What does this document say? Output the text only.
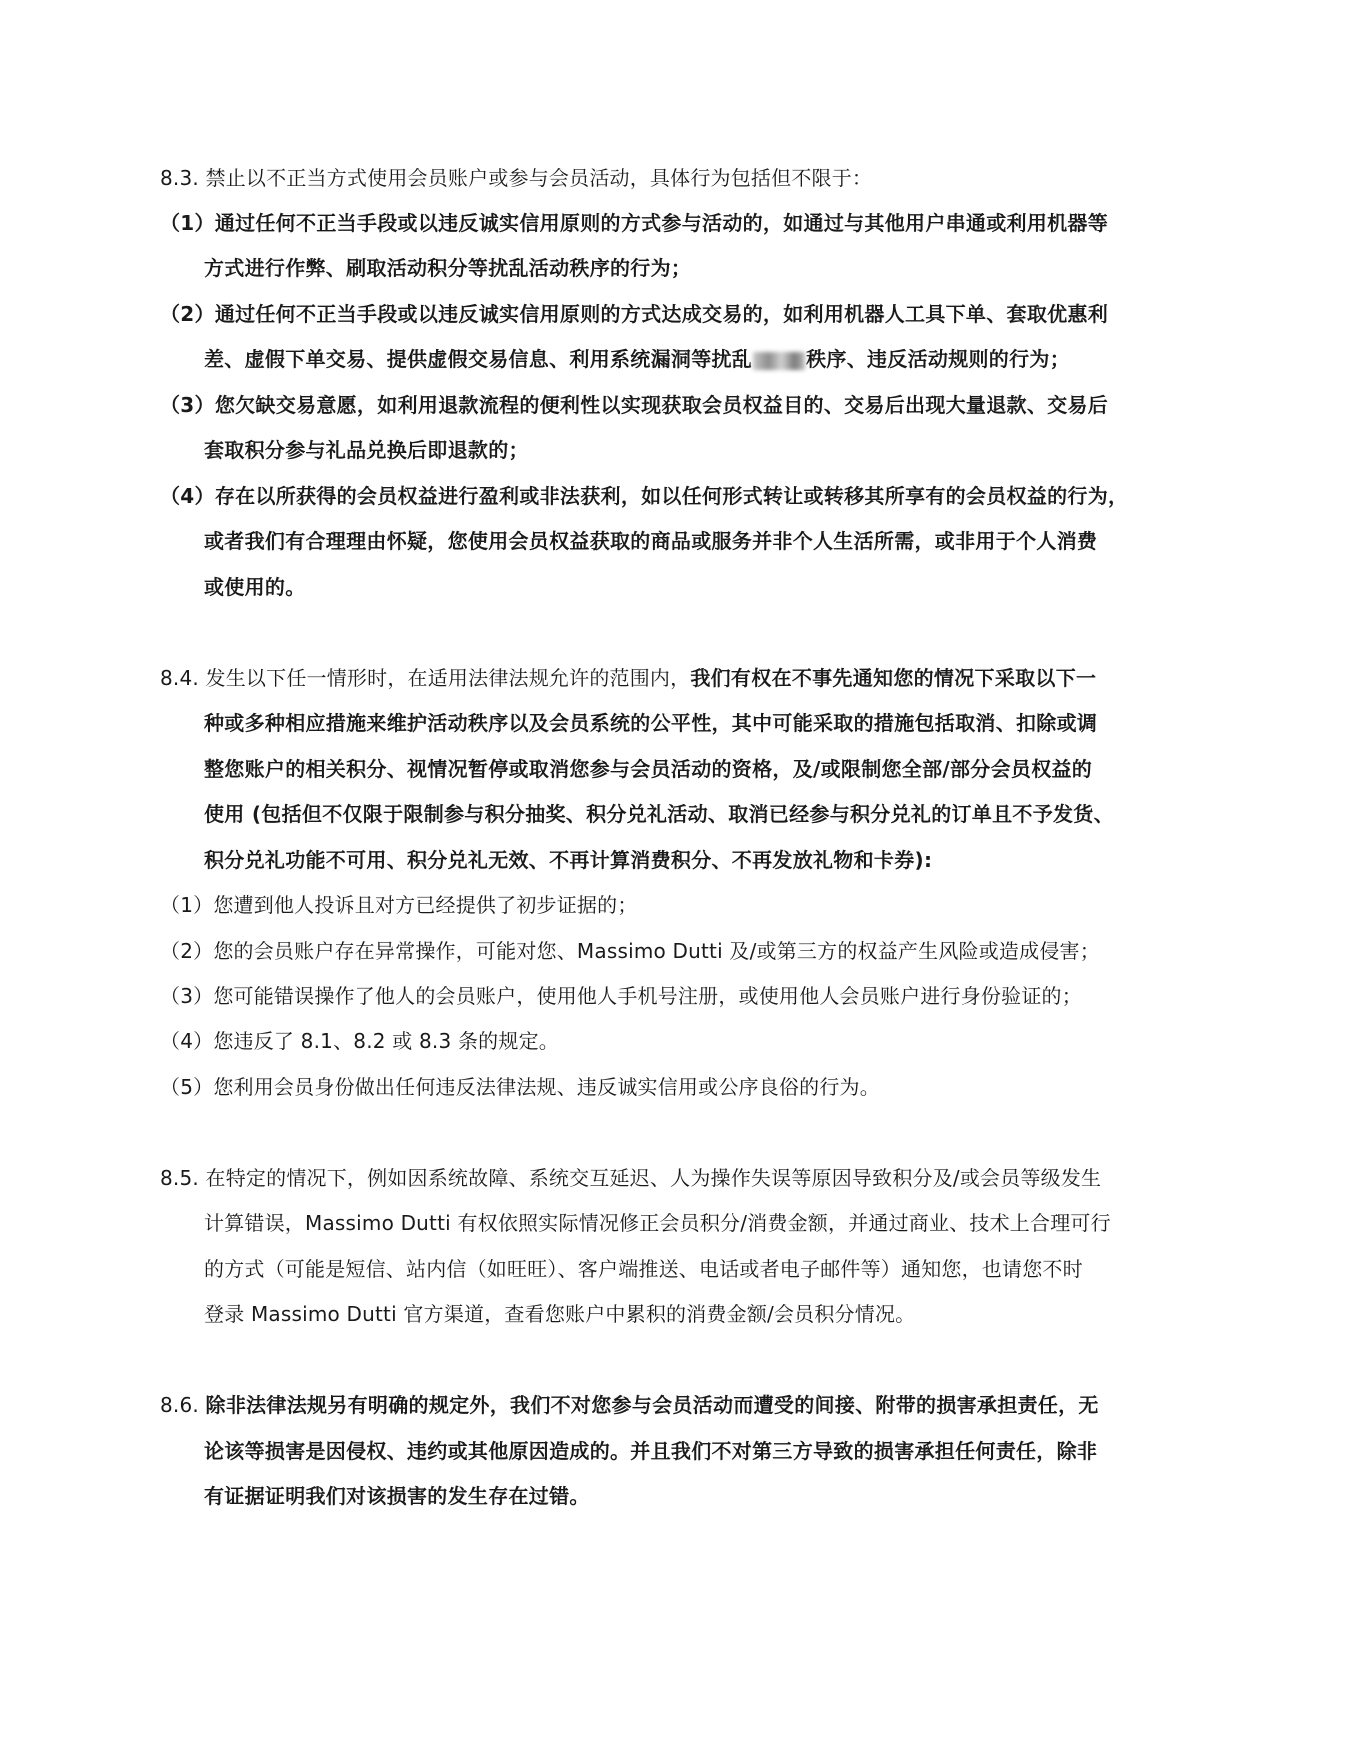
8.3. 禁止以不正当方式使用会员账户或参与会员活动，具体行为包括但不限于：
（1）通过任何不正当手段或以违反诚实信用原则的方式参与活动的，如通过与其他用户串通或利用机器等
方式进行作弊、刷取活动积分等扰乱活动秩序的行为；
（2）通过任何不正当手段或以违反诚实信用原则的方式达成交易的，如利用机器人工具下单、套取优惠利
差、虚假下单交易、提供虚假交易信息、利用系统漏洞等扰乱	秩序、违反活动规则的行为；
（3）您欠缺交易意愿，如利用退款流程的便利性以实现获取会员权益目的、交易后出现大量退款、交易后
套取积分参与礼品兑换后即退款的；
（4）存在以所获得的会员权益进行盈利或非法获利，如以任何形式转让或转移其所享有的会员权益的行为，
或者我们有合理理由怀疑，您使用会员权益获取的商品或服务并非个人生活所需，或非用于个人消费
或使用的。
8.4. 发生以下任一情形时，在适用法律法规允许的范围内，我们有权在不事先通知您的情况下采取以下一
种或多种相应措施来维护活动秩序以及会员系统的公平性，其中可能采取的措施包括取消、扣除或调
整您账户的相关积分、视情况暂停或取消您参与会员活动的资格，及/或限制您全部/部分会员权益的
使用 (包括但不仅限于限制参与积分抽奖、积分兑礼活动、取消已经参与积分兑礼的订单且不予发货、
积分兑礼功能不可用、积分兑礼无效、不再计算消费积分、不再发放礼物和卡券):
（1）您遭到他人投诉且对方已经提供了初步证据的；
（2）您的会员账户存在异常操作，可能对您、Massimo Dutti 及/或第三方的权益产生风险或造成侵害；
（3）您可能错误操作了他人的会员账户，使用他人手机号注册，或使用他人会员账户进行身份验证的；
（4）您违反了 8.1、8.2 或 8.3 条的规定。
（5）您利用会员身份做出任何违反法律法规、违反诚实信用或公序良俗的行为。
8.5. 在特定的情况下，例如因系统故障、系统交互延迟、人为操作失误等原因导致积分及/或会员等级发生
计算错误，Massimo Dutti 有权依照实际情况修正会员积分/消费金额，并通过商业、技术上合理可行
的方式（可能是短信、站内信（如旺旺）、客户端推送、电话或者电子邮件等）通知您，也请您不时
登录 Massimo Dutti 官方渠道，查看您账户中累积的消费金额/会员积分情况。
8.6. 除非法律法规另有明确的规定外，我们不对您参与会员活动而遭受的间接、附带的损害承担责任，无
论该等损害是因侵权、违约或其他原因造成的。并且我们不对第三方导致的损害承担任何责任，除非
有证据证明我们对该损害的发生存在过错。
